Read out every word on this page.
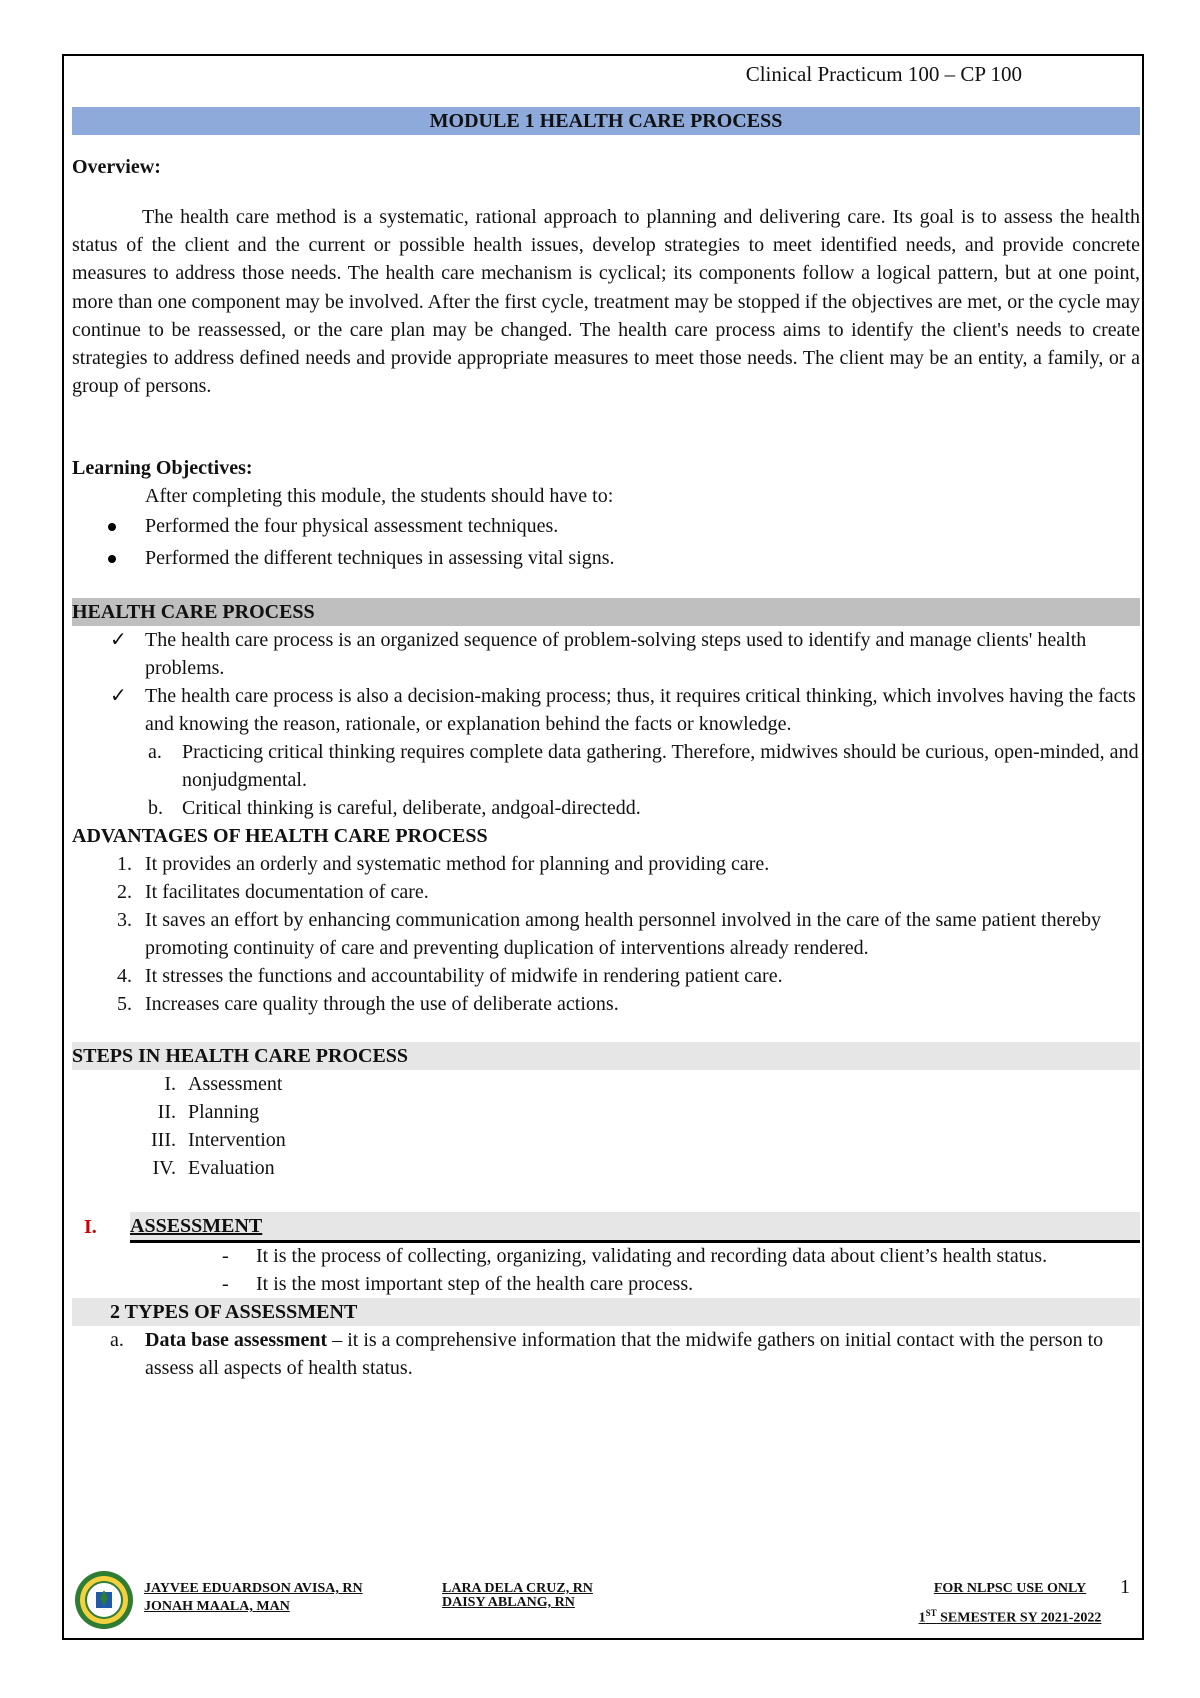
Clinical Practicum 100 – CP 100
MODULE 1 HEALTH CARE PROCESS

Overview:

The health care method is a systematic, rational approach to planning and delivering care. Its goal is to assess the health status of the client and the current or possible health issues, develop strategies to meet identified needs, and provide concrete measures to address those needs. The health care mechanism is cyclical; its components follow a logical pattern, but at one point, more than one component may be involved. After the first cycle, treatment may be stopped if the objectives are met, or the cycle may continue to be reassessed, or the care plan may be changed. The health care process aims to identify the client's needs to create strategies to address defined needs and provide appropriate measures to meet those needs. The client may be an entity, a family, or a group of persons.

Learning Objectives:

After completing this module, the students should have to:

Performed the four physical assessment techniques.
Performed the different techniques in assessing vital signs.
HEALTH CARE PROCESS
✓ The health care process is an organized sequence of problem-solving steps used to identify and manage clients' health problems.
✓ The health care process is also a decision-making process; thus, it requires critical thinking, which involves having the facts and knowing the reason, rationale, or explanation behind the facts or knowledge.
a. Practicing critical thinking requires complete data gathering. Therefore, midwives should be curious, open-minded, and nonjudgmental.
b. Critical thinking is careful, deliberate, andgoal-directedd.
ADVANTAGES OF HEALTH CARE PROCESS
1. It provides an orderly and systematic method for planning and providing care.
2. It facilitates documentation of care.
3. It saves an effort by enhancing communication among health personnel involved in the care of the same patient thereby promoting continuity of care and preventing duplication of interventions already rendered.
4. It stresses the functions and accountability of midwife in rendering patient care.
5. Increases care quality through the use of deliberate actions.
STEPS IN HEALTH CARE PROCESS
I. Assessment
II. Planning
III. Intervention
IV. Evaluation
I. ASSESSMENT
- It is the process of collecting, organizing, validating and recording data about client’s health status.
- It is the most important step of the health care process.
2 TYPES OF ASSESSMENT
a. Data base assessment – it is a comprehensive information that the midwife gathers on initial contact with the person to assess all aspects of health status.
JAYVEE EDUARDSON AVISA, RN
JONAH MAALA, MAN
LARA DELA CRUZ, RN
DAISY ABLANG, RN
FOR NLPSC USE ONLY
1ST SEMESTER SY 2021-2022
1
